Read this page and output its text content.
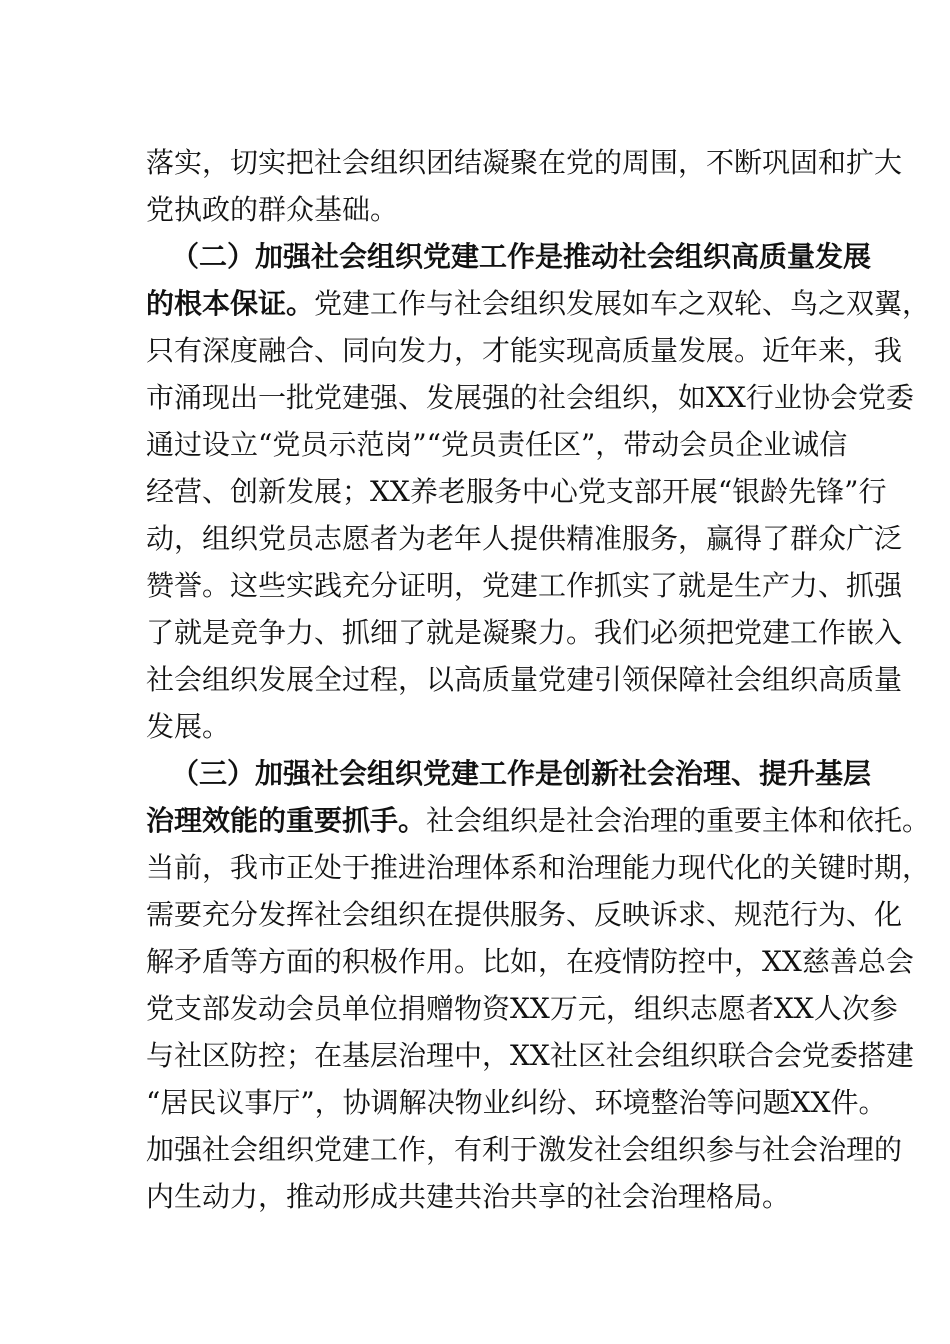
落实，切实把社会组织团结凝聚在党的周围，不断巩固和扩大
党执政的群众基础。
（二）加强社会组织党建工作是推动社会组织高质量发展
的根本保证。党建工作与社会组织发展如车之双轮、鸟之双翼，
只有深度融合、同向发力，才能实现高质量发展。近年来，我
市涌现出一批党建强、发展强的社会组织，如XX行业协会党委
通过设立“党员示范岗”“党员责任区”，带动会员企业诚信
经营、创新发展；XX养老服务中心党支部开展“银龄先锋”行
动，组织党员志愿者为老年人提供精准服务，赢得了群众广泛
赞誉。这些实践充分证明，党建工作抓实了就是生产力、抓强
了就是竞争力、抓细了就是凝聚力。我们必须把党建工作嵌入
社会组织发展全过程，以高质量党建引领保障社会组织高质量
发展。
（三）加强社会组织党建工作是创新社会治理、提升基层
治理效能的重要抓手。社会组织是社会治理的重要主体和依托。
当前，我市正处于推进治理体系和治理能力现代化的关键时期，
需要充分发挥社会组织在提供服务、反映诉求、规范行为、化
解矛盾等方面的积极作用。比如，在疫情防控中，XX慈善总会
党支部发动会员单位捐赠物资XX万元，组织志愿者XX人次参
与社区防控；在基层治理中，XX社区社会组织联合会党委搭建
“居民议事厅”，协调解决物业纠纷、环境整治等问题XX件。
加强社会组织党建工作，有利于激发社会组织参与社会治理的
内生动力，推动形成共建共治共享的社会治理格局。
